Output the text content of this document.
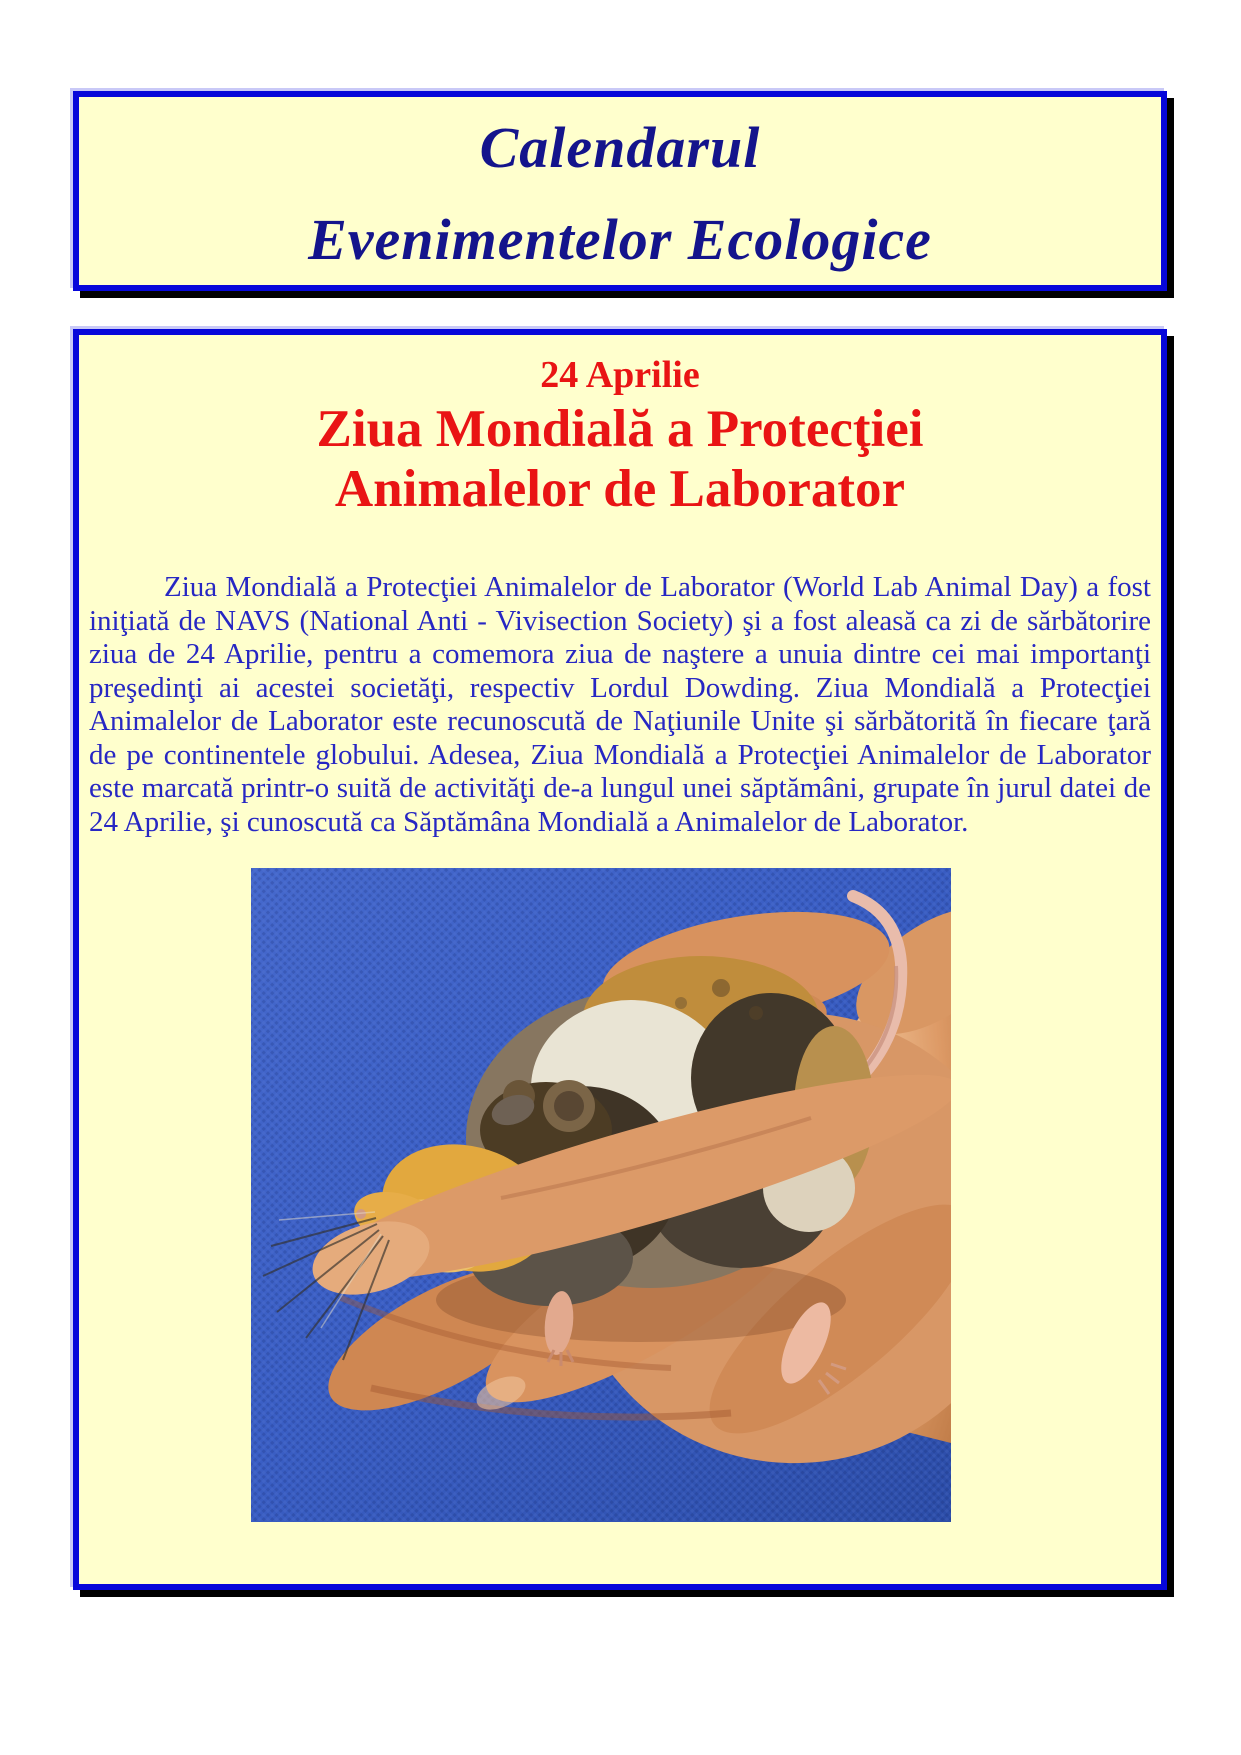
Calendarul
Evenimentelor Ecologice
24 Aprilie
Ziua Mondială a Protecţiei
Animalelor de Laborator

Ziua Mondială a Protecţiei Animalelor de Laborator (World Lab Animal Day) a fost iniţiată de NAVS (National Anti - Vivisection Society) şi a fost aleasă ca zi de sărbătorire ziua de 24 Aprilie, pentru a comemora ziua de naştere a unuia dintre cei mai importanţi preşedinţi ai acestei societăţi, respectiv Lordul Dowding. Ziua Mondială a Protecţiei Animalelor de Laborator este recunoscută de Naţiunile Unite şi sărbătorită în fiecare ţară de pe continentele globului. Adesea, Ziua Mondială a Protecţiei Animalelor de Laborator este marcată printr-o suită de activităţi de-a lungul unei săptămâni, grupate în jurul datei de 24 Aprilie, şi cunoscută ca Săptămâna Mondială a Animalelor de Laborator.
